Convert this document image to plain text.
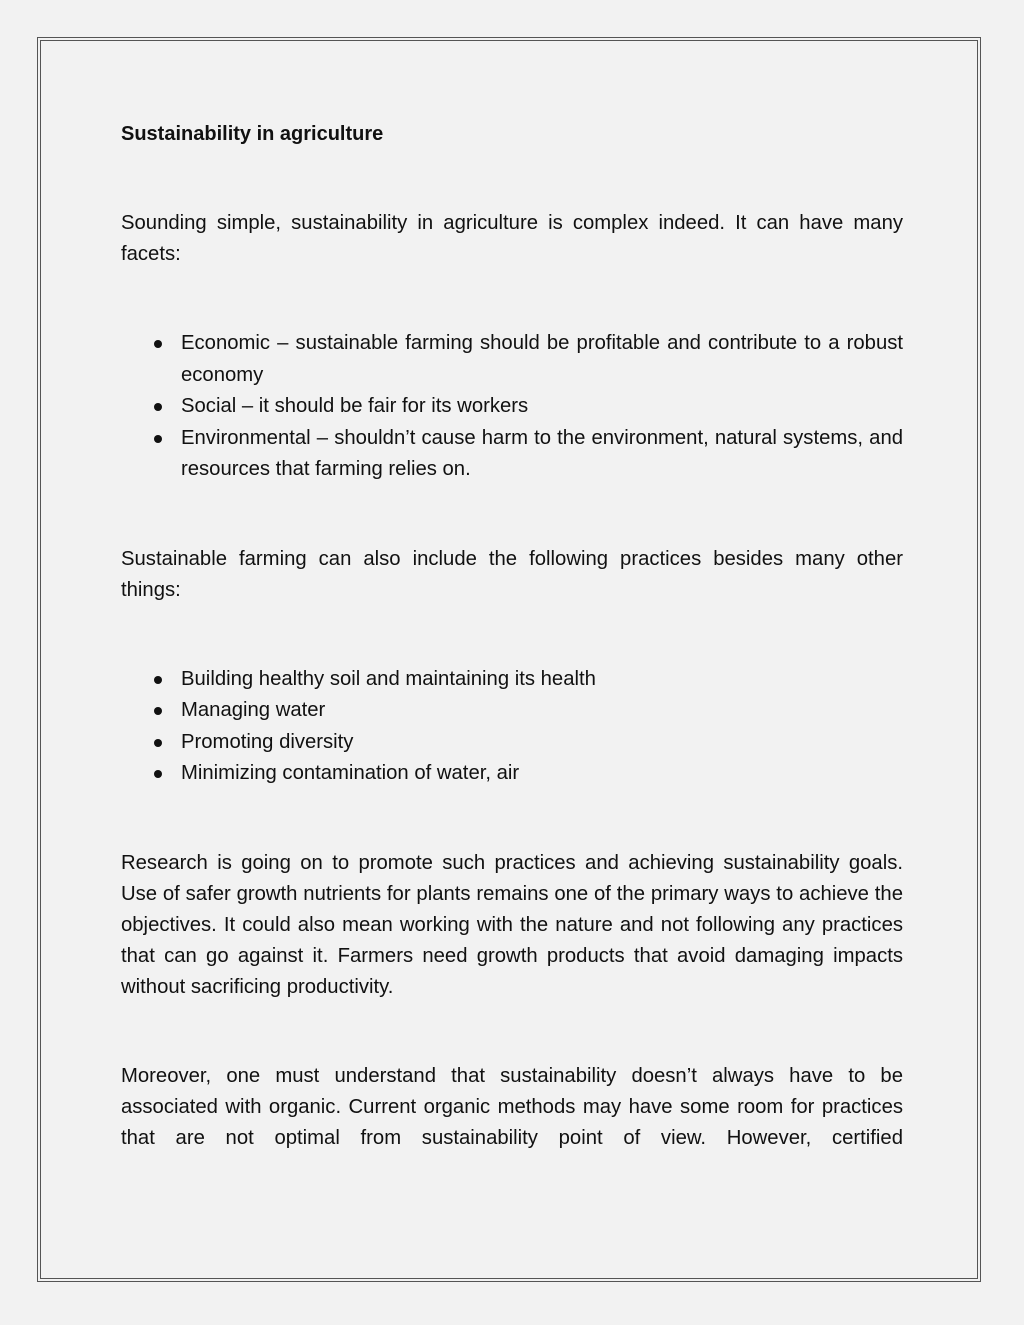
Sustainability in agriculture

Sounding simple, sustainability in agriculture is complex indeed. It can have many facets:

Economic – sustainable farming should be profitable and contribute to a robust economy
Social – it should be fair for its workers
Environmental – shouldn’t cause harm to the environment, natural systems, and resources that farming relies on.

Sustainable farming can also include the following practices besides many other things:

Building healthy soil and maintaining its health
Managing water
Promoting diversity
Minimizing contamination of water, air

Research is going on to promote such practices and achieving sustainability goals. Use of safer growth nutrients for plants remains one of the primary ways to achieve the objectives. It could also mean working with the nature and not following any practices that can go against it. Farmers need growth products that avoid damaging impacts without sacrificing productivity.

Moreover, one must understand that sustainability doesn’t always have to be associated with organic. Current organic methods may have some room for practices that are not optimal from sustainability point of view. However, certified
